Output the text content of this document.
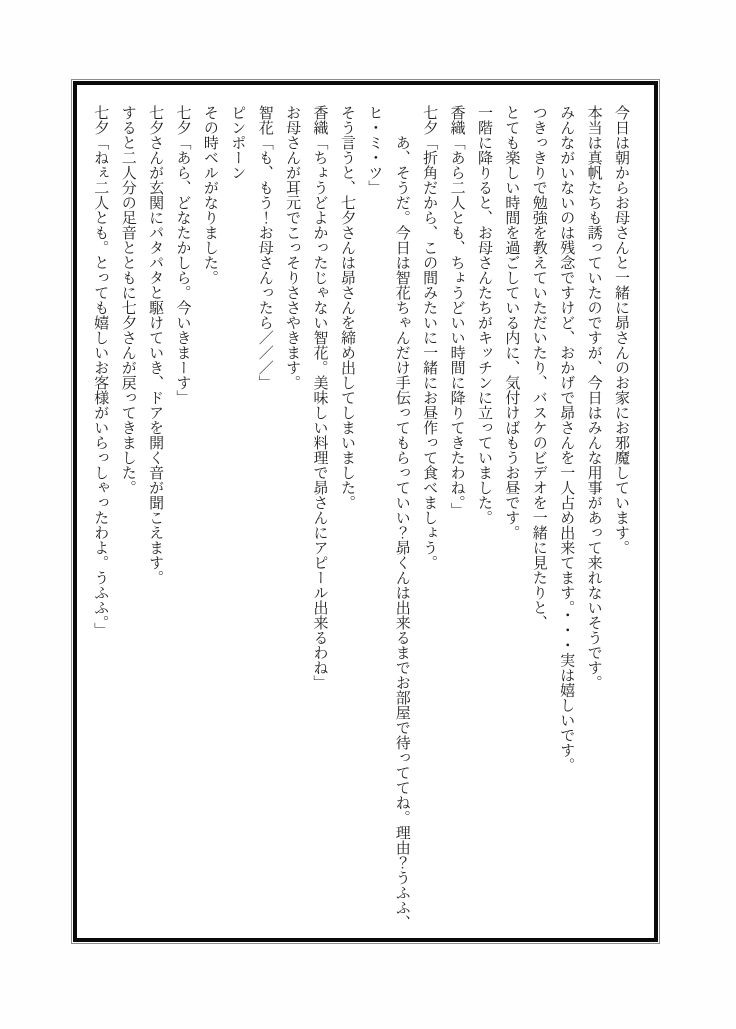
今日は朝からお母さんと一緒に昴さんのお家にお邪魔しています。

本当は真帆たちも誘っていたのですが、今日はみんな用事があって来れないそうです。

みんながいないのは残念ですけど、おかげで昴さんを一人占め出来てます。・・・実は嬉しいです。

つきっきりで勉強を教えていただいたり、バスケのビデオを一緒に見たりと、

とても楽しい時間を過ごしている内に、気付けばもうお昼です。

一階に降りると、お母さんたちがキッチンに立っていました。

香織「あら二人とも、ちょうどいい時間に降りてきたわね。」

七夕「折角だから、この間みたいに一緒にお昼作って食べましょう。

　　あ、そうだ。今日は智花ちゃんだけ手伝ってもらっていい？昴くんは出来るまでお部屋で待っててね。理由？うふふ、ヒ・ミ・ツ」

そう言うと、七夕さんは昴さんを締め出してしまいました。

香織「ちょうどよかったじゃない智花。美味しい料理で昴さんにアピール出来るわね」

お母さんが耳元でこっそりささやきます。

智花「も、もう！お母さんったら／／／」

ピンポーン

その時ベルがなりました。

七夕「あら、どなたかしら。今いきまーす」

七夕さんが玄関にパタパタと駆けていき、ドアを開く音が聞こえます。

すると二人分の足音とともに七夕さんが戻ってきました。

七夕「ねぇ二人とも。とっても嬉しいお客様がいらっしゃったわよ。うふふ。」
